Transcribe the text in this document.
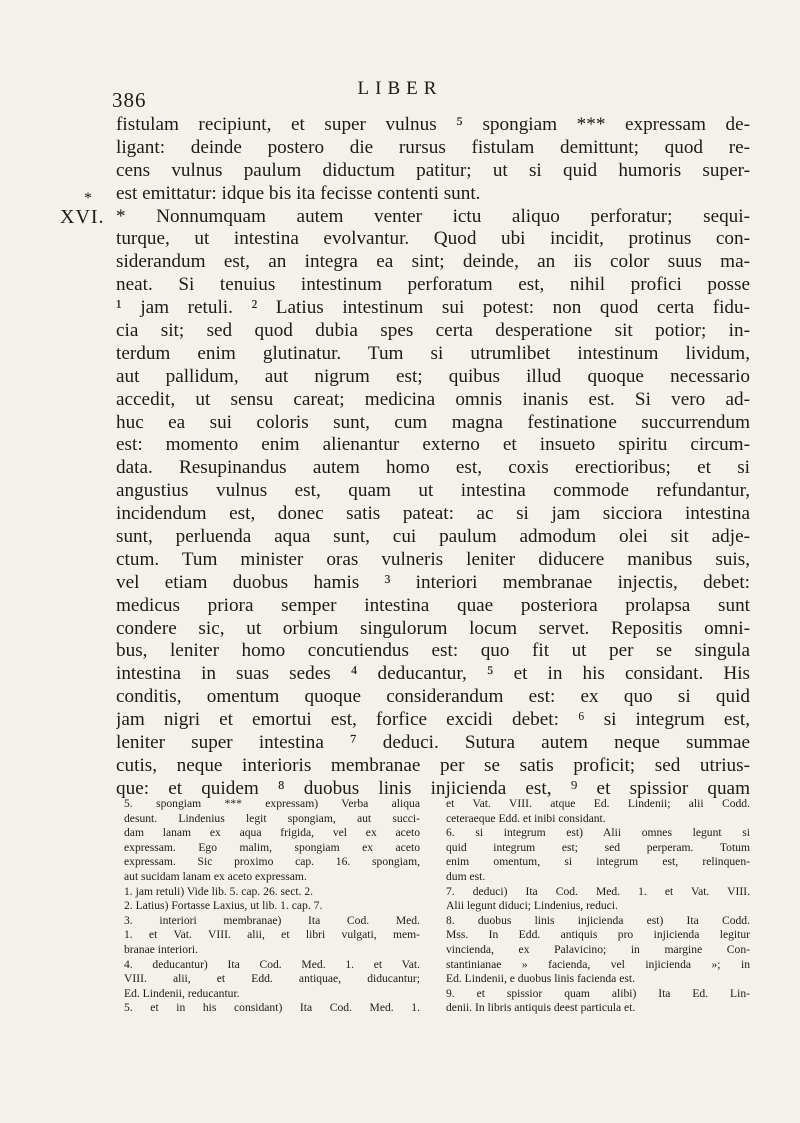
386	LIBER
*
XVI.
fistulam recipiunt, et super vulnus ⁵ spongiam *** expressam de-
ligant: deinde postero die rursus fistulam demittunt; quod re-
cens vulnus paulum diductum patitur; ut si quid humoris super-
est emittatur: idque bis ita fecisse contenti sunt.
* Nonnumquam autem venter ictu aliquo perforatur; sequi-
turque, ut intestina evolvantur. Quod ubi incidit, protinus con-
siderandum est, an integra ea sint; deinde, an iis color suus ma-
neat. Si tenuius intestinum perforatum est, nihil profici posse
¹ jam retuli. ² Latius intestinum sui potest: non quod certa fidu-
cia sit; sed quod dubia spes certa desperatione sit potior; in-
terdum enim glutinatur. Tum si utrumlibet intestinum lividum,
aut pallidum, aut nigrum est; quibus illud quoque necessario
accedit, ut sensu careat; medicina omnis inanis est. Si vero ad-
huc ea sui coloris sunt, cum magna festinatione succurrendum
est: momento enim alienantur externo et insueto spiritu circum-
data. Resupinandus autem homo est, coxis erectioribus; et si
angustius vulnus est, quam ut intestina commode refundantur,
incidendum est, donec satis pateat: ac si jam sicciora intestina
sunt, perluenda aqua sunt, cui paulum admodum olei sit adje-
ctum. Tum minister oras vulneris leniter diducere manibus suis,
vel etiam duobus hamis ³ interiori membranae injectis, debet:
medicus priora semper intestina quae posteriora prolapsa sunt
condere sic, ut orbium singulorum locum servet. Repositis omni-
bus, leniter homo concutiendus est: quo fit ut per se singula
intestina in suas sedes ⁴ deducantur, ⁵ et in his considant. His
conditis, omentum quoque considerandum est: ex quo si quid
jam nigri et emortui est, forfice excidi debet: ⁶ si integrum est,
leniter super intestina ⁷ deduci. Sutura autem neque summae
cutis, neque interioris membranae per se satis proficit; sed utrius-
que: et quidem ⁸ duobus linis injicienda est, ⁹ et spissior quam
5. spongiam *** expressam) Verba aliqua
desunt. Lindenius legit spongiam, aut succi-
dam lanam ex aqua frigida, vel ex aceto
expressam. Ego malim, spongiam ex aceto
expressam. Sic proximo cap. 16. spongiam,
aut sucidam lanam ex aceto expressam.
1. jam retuli) Vide lib. 5. cap. 26. sect. 2.
2. Latius) Fortasse Laxius, ut lib. 1. cap. 7.
3. interiori membranae) Ita Cod. Med.
1. et Vat. VIII. alii, et libri vulgati, mem-
branae interiori.
4. deducantur) Ita Cod. Med. 1. et Vat.
VIII. alii, et Edd. antiquae, diducantur;
Ed. Lindenii, reducantur.
5. et in his considant) Ita Cod. Med. 1.
et Vat. VIII. atque Ed. Lindenii; alii Codd.
ceteraeque Edd. et inibi considant.
6. si integrum est) Alii omnes legunt si
quid integrum est; sed perperam. Totum
enim omentum, si integrum est, relinquen-
dum est.
7. deduci) Ita Cod. Med. 1. et Vat. VIII.
Alii legunt diduci; Lindenius, reduci.
8. duobus linis injicienda est) Ita Codd.
Mss. In Edd. antiquis pro injicienda legitur
vincienda, ex Palavicino; in margine Con-
stantinianae » facienda, vel injicienda »; in
Ed. Lindenii, e duobus linis facienda est.
9. et spissior quam alibi) Ita Ed. Lin-
denii. In libris antiquis deest particula et.
